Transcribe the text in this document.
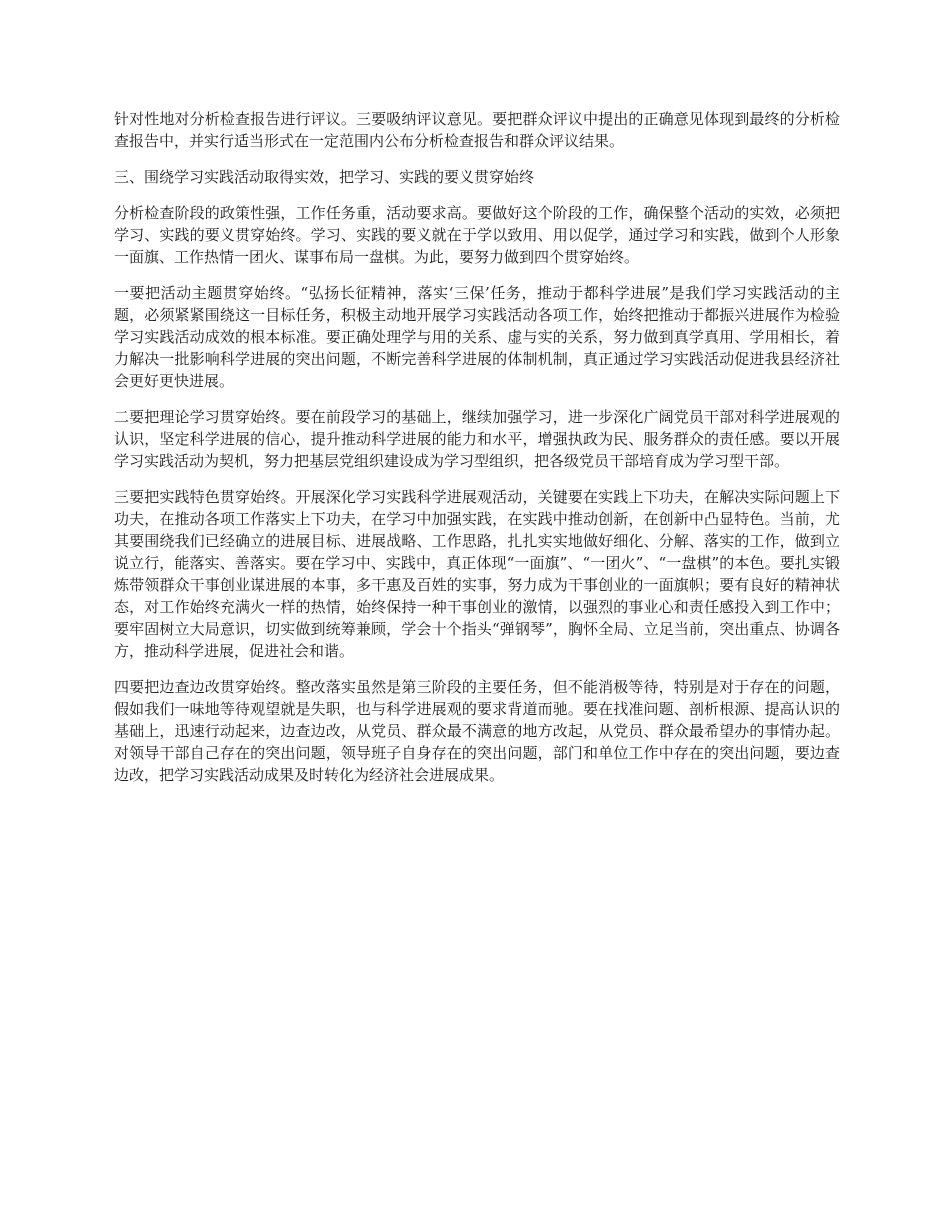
针对性地对分析检查报告进行评议。三要吸纳评议意见。要把群众评议中提出的正确意见体现到最终的分析检查报告中，并实行适当形式在一定范围内公布分析检查报告和群众评议结果。

三、围绕学习实践活动取得实效，把学习、实践的要义贯穿始终

分析检查阶段的政策性强，工作任务重，活动要求高。要做好这个阶段的工作，确保整个活动的实效，必须把学习、实践的要义贯穿始终。学习、实践的要义就在于学以致用、用以促学，通过学习和实践，做到个人形象一面旗、工作热情一团火、谋事布局一盘棋。为此，要努力做到四个贯穿始终。

一要把活动主题贯穿始终。“弘扬长征精神，落实‘三保’任务，推动于都科学进展”是我们学习实践活动的主题，必须紧紧围绕这一目标任务，积极主动地开展学习实践活动各项工作，始终把推动于都振兴进展作为检验学习实践活动成效的根本标准。要正确处理学与用的关系、虚与实的关系，努力做到真学真用、学用相长，着力解决一批影响科学进展的突出问题，不断完善科学进展的体制机制，真正通过学习实践活动促进我县经济社会更好更快进展。

二要把理论学习贯穿始终。要在前段学习的基础上，继续加强学习，进一步深化广阔党员干部对科学进展观的认识，坚定科学进展的信心，提升推动科学进展的能力和水平，增强执政为民、服务群众的责任感。要以开展学习实践活动为契机，努力把基层党组织建设成为学习型组织，把各级党员干部培育成为学习型干部。

三要把实践特色贯穿始终。开展深化学习实践科学进展观活动，关键要在实践上下功夫，在解决实际问题上下功夫，在推动各项工作落实上下功夫，在学习中加强实践，在实践中推动创新，在创新中凸显特色。当前，尤其要围绕我们已经确立的进展目标、进展战略、工作思路，扎扎实实地做好细化、分解、落实的工作，做到立说立行，能落实、善落实。要在学习中、实践中，真正体现“一面旗”、“一团火”、“一盘棋”的本色。要扎实锻炼带领群众干事创业谋进展的本事，多干惠及百姓的实事，努力成为干事创业的一面旗帜；要有良好的精神状态，对工作始终充满火一样的热情，始终保持一种干事创业的激情，以强烈的事业心和责任感投入到工作中；要牢固树立大局意识，切实做到统筹兼顾，学会十个指头“弹钢琴”，胸怀全局、立足当前，突出重点、协调各方，推动科学进展，促进社会和谐。

四要把边查边改贯穿始终。整改落实虽然是第三阶段的主要任务，但不能消极等待，特别是对于存在的问题，假如我们一味地等待观望就是失职，也与科学进展观的要求背道而驰。要在找准问题、剖析根源、提高认识的基础上，迅速行动起来，边查边改，从党员、群众最不满意的地方改起，从党员、群众最希望办的事情办起。对领导干部自己存在的突出问题，领导班子自身存在的突出问题，部门和单位工作中存在的突出问题，要边查边改，把学习实践活动成果及时转化为经济社会进展成果。
